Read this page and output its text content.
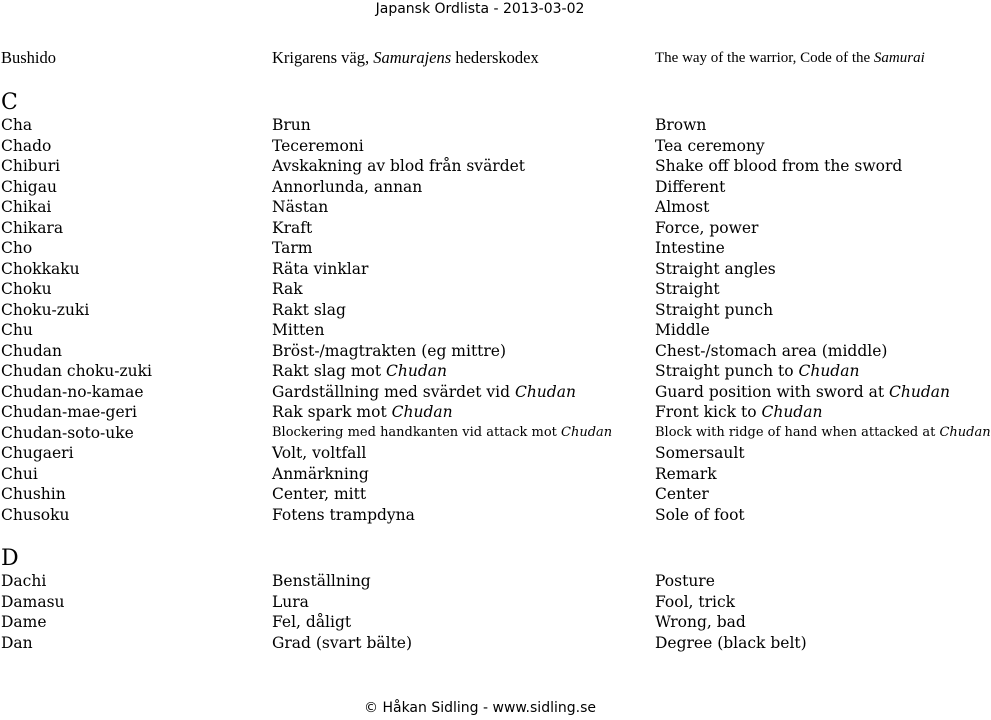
Japansk Ordlista - 2013-03-02
Bushido	Krigarens väg, Samurajens hederskodex	The way of the warrior, Code of the Samurai
C
Cha	Brun	Brown
Chado	Teceremoni	Tea ceremony
Chiburi	Avskakning av blod från svärdet	Shake off blood from the sword
Chigau	Annorlunda, annan	Different
Chikai	Nästan	Almost
Chikara	Kraft	Force, power
Cho	Tarm	Intestine
Chokkaku	Räta vinklar	Straight angles
Choku	Rak	Straight
Choku-zuki	Rakt slag	Straight punch
Chu	Mitten	Middle
Chudan	Bröst-/magtrakten (eg mittre)	Chest-/stomach area (middle)
Chudan choku-zuki	Rakt slag mot Chudan	Straight punch to Chudan
Chudan-no-kamae	Gardställning med svärdet vid Chudan	Guard position with sword at Chudan
Chudan-mae-geri	Rak spark mot Chudan	Front kick to Chudan
Chudan-soto-uke	Blockering med handkanten vid attack mot Chudan	Block with ridge of hand when attacked at Chudan
Chugaeri	Volt, voltfall	Somersault
Chui	Anmärkning	Remark
Chushin	Center, mitt	Center
Chusoku	Fotens trampdyna	Sole of foot
D
Dachi	Benställning	Posture
Damasu	Lura	Fool, trick
Dame	Fel, dåligt	Wrong, bad
Dan	Grad (svart bälte)	Degree (black belt)
© Håkan Sidling - www.sidling.se
